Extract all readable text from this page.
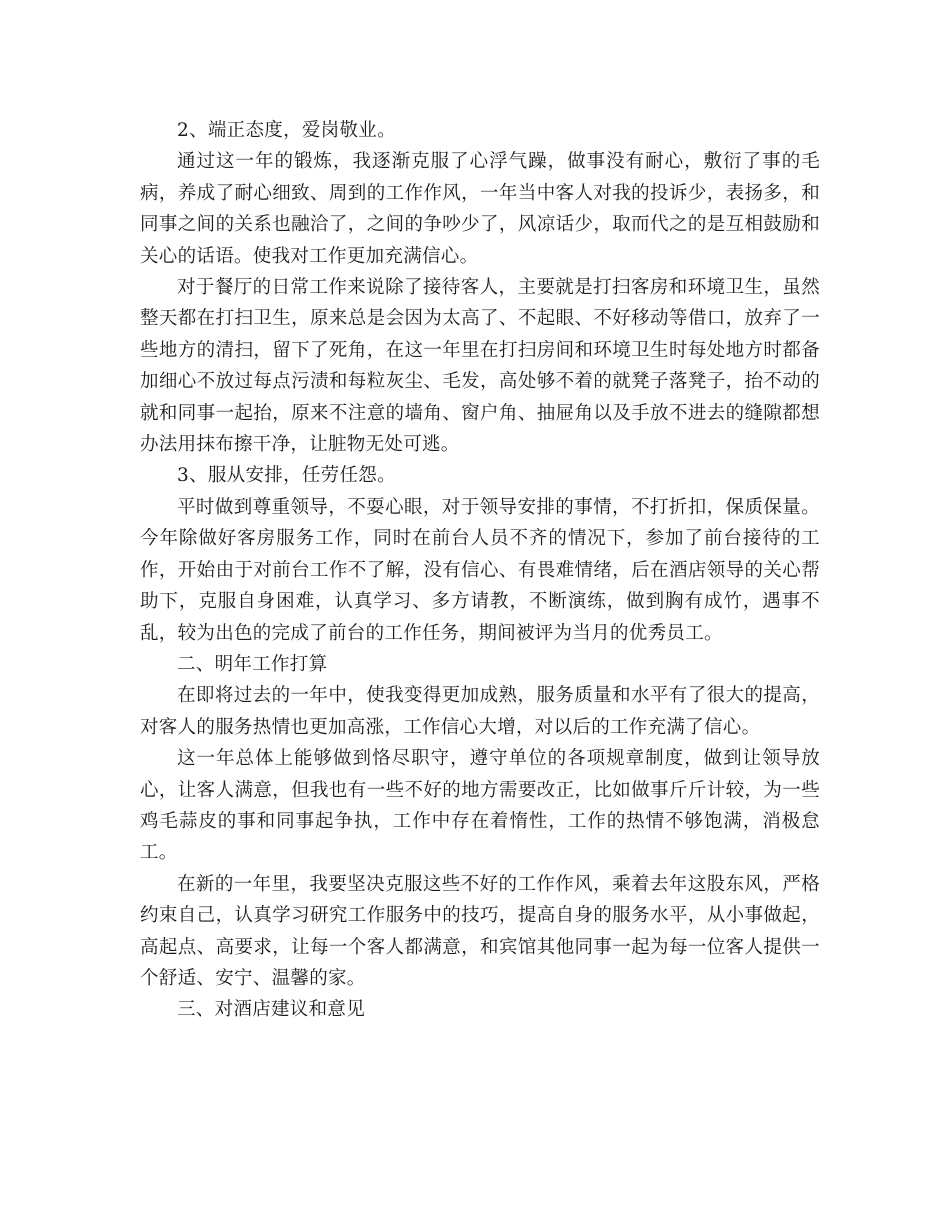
2、端正态度，爱岗敬业。

通过这一年的锻炼，我逐渐克服了心浮气躁，做事没有耐心，敷衍了事的毛病，养成了耐心细致、周到的工作作风，一年当中客人对我的投诉少，表扬多，和同事之间的关系也融洽了，之间的争吵少了，风凉话少，取而代之的是互相鼓励和关心的话语。使我对工作更加充满信心。

对于餐厅的日常工作来说除了接待客人，主要就是打扫客房和环境卫生，虽然整天都在打扫卫生，原来总是会因为太高了、不起眼、不好移动等借口，放弃了一些地方的清扫，留下了死角，在这一年里在打扫房间和环境卫生时每处地方时都备加细心不放过每点污渍和每粒灰尘、毛发，高处够不着的就凳子落凳子，抬不动的就和同事一起抬，原来不注意的墙角、窗户角、抽屉角以及手放不进去的缝隙都想办法用抹布擦干净，让脏物无处可逃。

3、服从安排，任劳任怨。

平时做到尊重领导，不耍心眼，对于领导安排的事情，不打折扣，保质保量。今年除做好客房服务工作，同时在前台人员不齐的情况下，参加了前台接待的工作，开始由于对前台工作不了解，没有信心、有畏难情绪，后在酒店领导的关心帮助下，克服自身困难，认真学习、多方请教，不断演练，做到胸有成竹，遇事不乱，较为出色的完成了前台的工作任务，期间被评为当月的优秀员工。

二、明年工作打算

在即将过去的一年中，使我变得更加成熟，服务质量和水平有了很大的提高，对客人的服务热情也更加高涨，工作信心大增，对以后的工作充满了信心。

这一年总体上能够做到恪尽职守，遵守单位的各项规章制度，做到让领导放心，让客人满意，但我也有一些不好的地方需要改正，比如做事斤斤计较，为一些鸡毛蒜皮的事和同事起争执，工作中存在着惰性，工作的热情不够饱满，消极怠工。

在新的一年里，我要坚决克服这些不好的工作作风，乘着去年这股东风，严格约束自己，认真学习研究工作服务中的技巧，提高自身的服务水平，从小事做起，高起点、高要求，让每一个客人都满意，和宾馆其他同事一起为每一位客人提供一个舒适、安宁、温馨的家。

三、对酒店建议和意见
